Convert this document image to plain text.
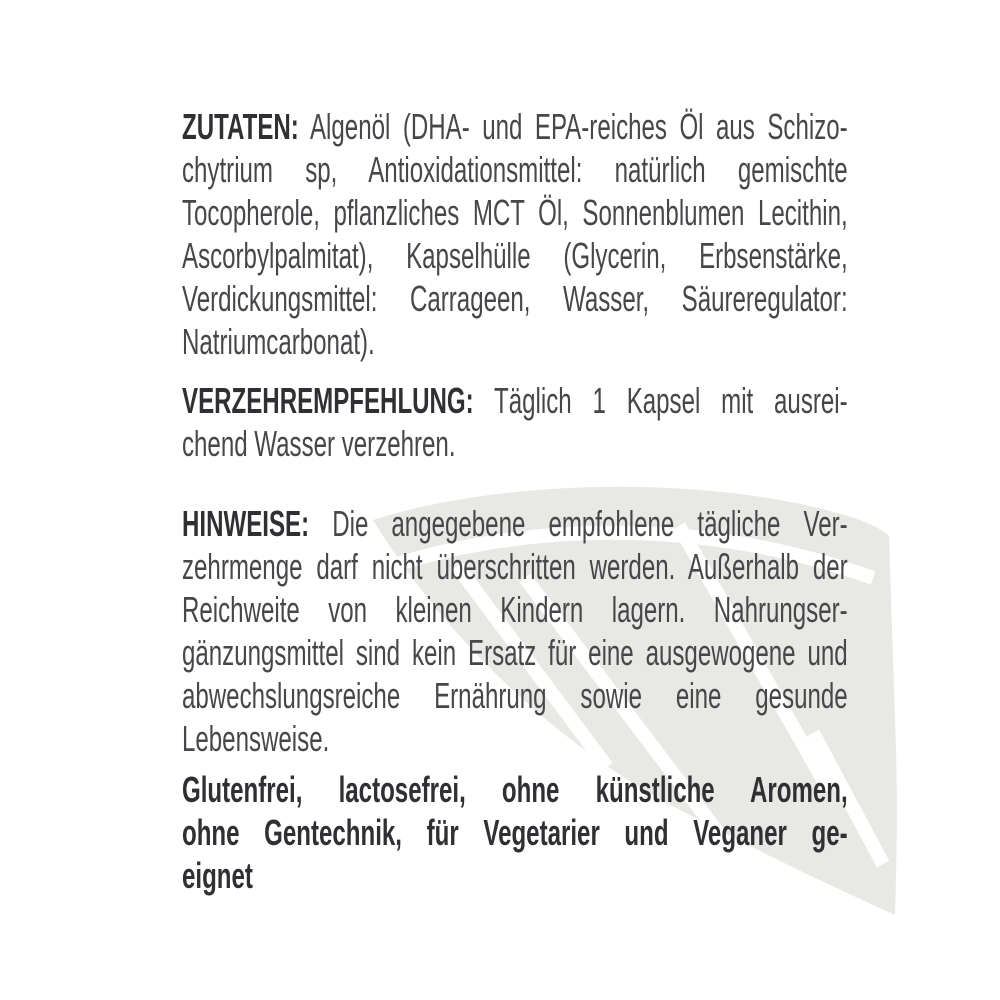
ZUTATEN: Algenöl (DHA- und EPA-reiches Öl aus Schizo-
chytrium sp, Antioxidationsmittel: natürlich gemischte
Tocopherole, pflanzliches MCT Öl, Sonnenblumen Lecithin,
Ascorbylpalmitat), Kapselhülle (Glycerin, Erbsenstärke,
Verdickungsmittel: Carrageen, Wasser, Säureregulator:
Natriumcarbonat).
VERZEHREMPFEHLUNG: Täglich 1 Kapsel mit ausrei-
chend Wasser verzehren.
HINWEISE: Die angegebene empfohlene tägliche Ver-
zehrmenge darf nicht überschritten werden. Außerhalb der
Reichweite von kleinen Kindern lagern. Nahrungser-
gänzungsmittel sind kein Ersatz für eine ausgewogene und
abwechslungsreiche Ernährung sowie eine gesunde
Lebensweise.
Glutenfrei, lactosefrei, ohne künstliche Aromen,
ohne Gentechnik, für Vegetarier und Veganer ge-
eignet
